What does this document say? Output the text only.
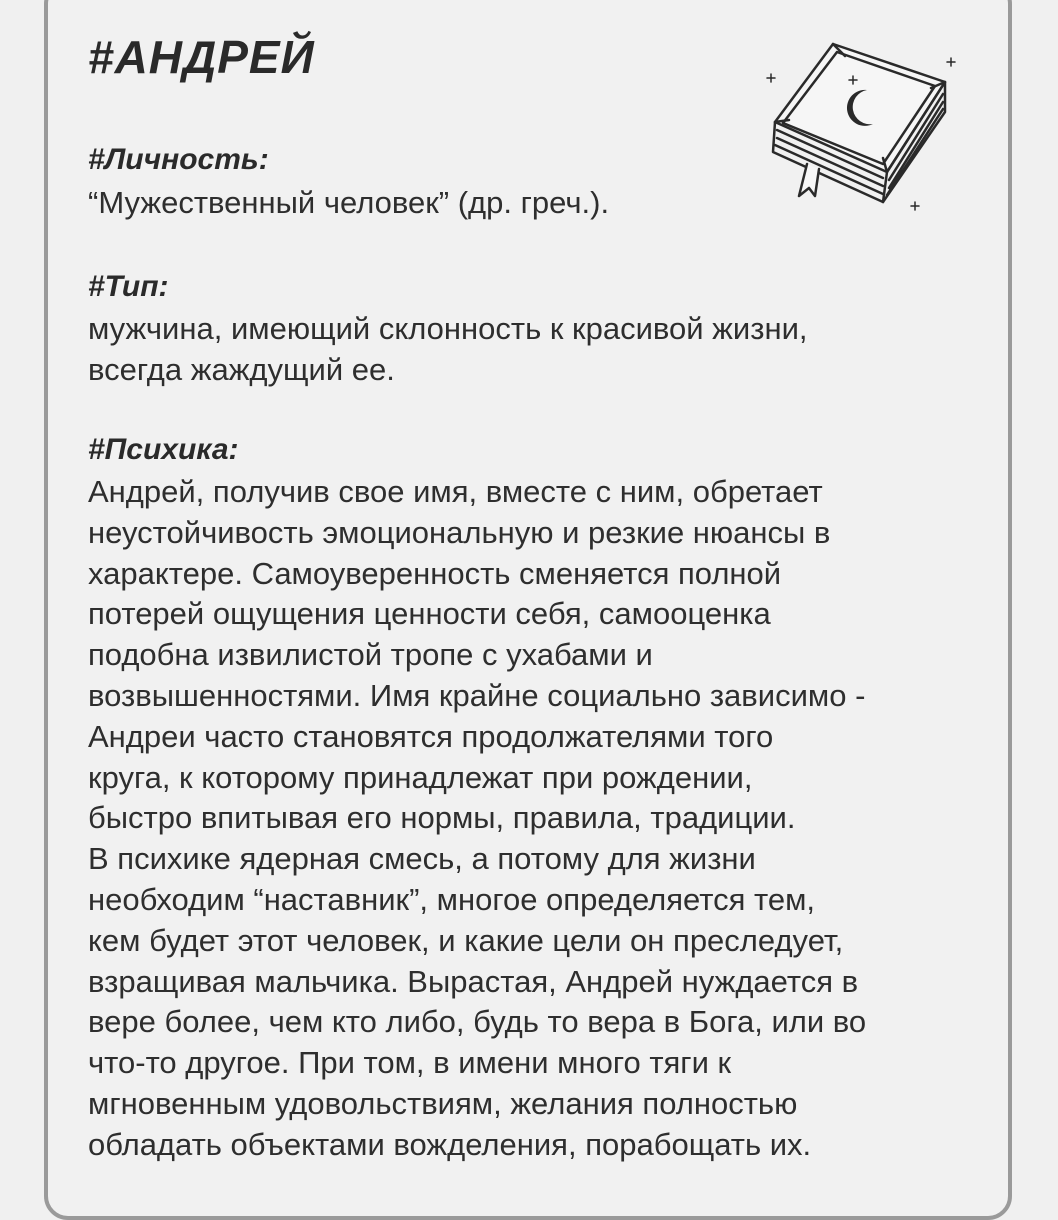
#АНДРЕЙ

#Личность:

“Мужественный человек” (др. греч.).

#Тип:

мужчина, имеющий склонность к красивой жизни,
всегда жаждущий ее.

#Психика:

Андрей, получив свое имя, вместе с ним, обретает
неустойчивость эмоциональную и резкие нюансы в
характере. Самоуверенность сменяется полной
потерей ощущения ценности себя, самооценка
подобна извилистой тропе с ухабами и
возвышенностями. Имя крайне социально зависимо -
Андреи часто становятся продолжателями того
круга, к которому принадлежат при рождении,
быстро впитывая его нормы, правила, традиции.
В психике ядерная смесь, а потому для жизни
необходим “наставник”, многое определяется тем,
кем будет этот человек, и какие цели он преследует,
взращивая мальчика. Вырастая, Андрей нуждается в
вере более, чем кто либо, будь то вера в Бога, или во
что-то другое. При том, в имени много тяги к
мгновенным удовольствиям, желания полностью
обладать объектами вожделения, порабощать их.
